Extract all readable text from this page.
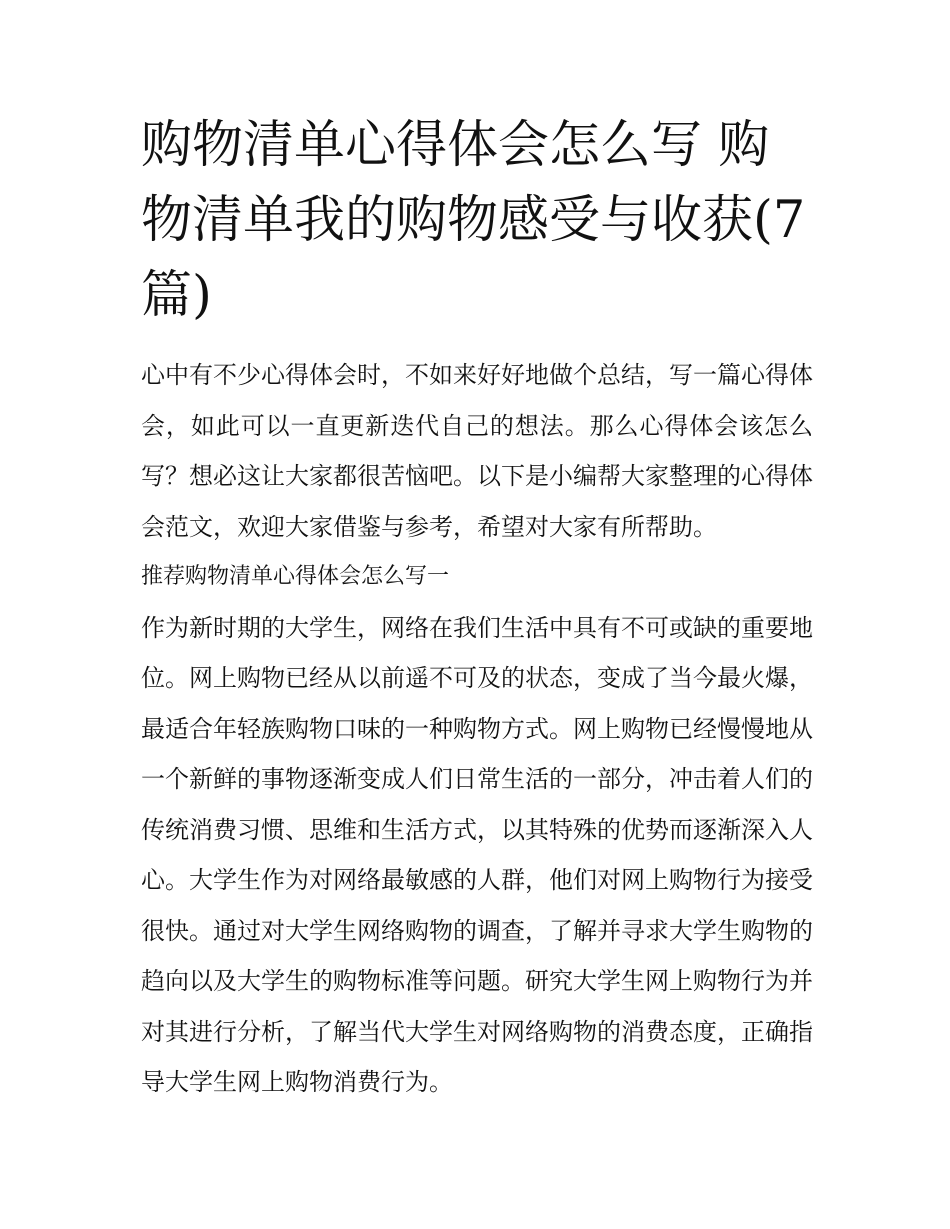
购物清单心得体会怎么写 购物清单我的购物感受与收获(7篇)

心中有不少心得体会时，不如来好好地做个总结，写一篇心得体会，如此可以一直更新迭代自己的想法。那么心得体会该怎么写？想必这让大家都很苦恼吧。以下是小编帮大家整理的心得体会范文，欢迎大家借鉴与参考，希望对大家有所帮助。

推荐购物清单心得体会怎么写一

作为新时期的大学生，网络在我们生活中具有不可或缺的重要地位。网上购物已经从以前遥不可及的状态，变成了当今最火爆，最适合年轻族购物口味的一种购物方式。网上购物已经慢慢地从一个新鲜的事物逐渐变成人们日常生活的一部分，冲击着人们的传统消费习惯、思维和生活方式，以其特殊的优势而逐渐深入人心。大学生作为对网络最敏感的人群，他们对网上购物行为接受很快。通过对大学生网络购物的调查，了解并寻求大学生购物的趋向以及大学生的购物标准等问题。研究大学生网上购物行为并对其进行分析，了解当代大学生对网络购物的消费态度，正确指导大学生网上购物消费行为。
